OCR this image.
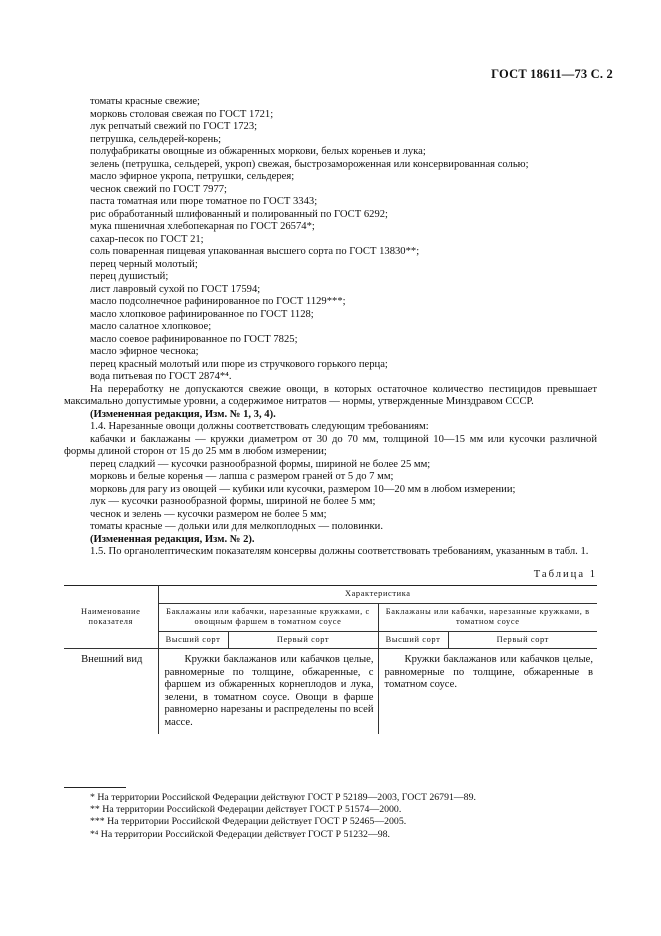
ГОСТ 18611—73 С. 2
томаты красные свежие;
морковь столовая свежая по ГОСТ 1721;
лук репчатый свежий по ГОСТ 1723;
петрушка, сельдерей-корень;
полуфабрикаты овощные из обжаренных моркови, белых кореньев и лука;
зелень (петрушка, сельдерей, укроп) свежая, быстрозамороженная или консервированная солью;
масло эфирное укропа, петрушки, сельдерея;
чеснок свежий по ГОСТ 7977;
паста томатная или пюре томатное по ГОСТ 3343;
рис обработанный шлифованный и полированный по ГОСТ 6292;
мука пшеничная хлебопекарная по ГОСТ 26574*;
сахар-песок по ГОСТ 21;
соль поваренная пищевая упакованная высшего сорта по ГОСТ 13830**;
перец черный молотый;
перец душистый;
лист лавровый сухой по ГОСТ 17594;
масло подсолнечное рафинированное по ГОСТ 1129***;
масло хлопковое рафинированное по ГОСТ 1128;
масло салатное хлопковое;
масло соевое рафинированное по ГОСТ 7825;
масло эфирное чеснока;
перец красный молотый или пюре из стручкового горького перца;
вода питьевая по ГОСТ 2874*⁴.
На переработку не допускаются свежие овощи, в которых остаточное количество пестицидов превышает максимально допустимые уровни, а содержимое нитратов — нормы, утвержденные Минздравом СССР.
(Измененная редакция, Изм. № 1, 3, 4).
1.4. Нарезанные овощи должны соответствовать следующим требованиям:
кабачки и баклажаны — кружки диаметром от 30 до 70 мм, толщиной 10—15 мм или кусочки различной формы длиной сторон от 15 до 25 мм в любом измерении;
перец сладкий — кусочки разнообразной формы, шириной не более 25 мм;
морковь и белые коренья — лапша с размером граней от 5 до 7 мм;
морковь для рагу из овощей — кубики или кусочки, размером 10—20 мм в любом измерении;
лук — кусочки разнообразной формы, шириной не более 5 мм;
чеснок и зелень — кусочки размером не более 5 мм;
томаты красные — дольки или для мелкоплодных — половинки.
(Измененная редакция, Изм. № 2).
1.5. По органолептическим показателям консервы должны соответствовать требованиям, указанным в табл. 1.
Таблица 1
Наименование показателя	Характеристика			
	Баклажаны или кабачки, нарезанные кружками, с овощным фаршем в томатном соусе		Баклажаны или кабачки, нарезанные кружками, в томатном соусе	
	Высший сорт	Первый сорт	Высший сорт	Первый сорт
Внешний вид	Кружки баклажанов или кабачков целые, равномерные по толщине, обжаренные, с фаршем из обжаренных корнеплодов и лука, зелени, в томатном соусе. Овощи в фарше равномерно нарезаны и распределены по всей массе.		Кружки баклажанов или кабачков целые, равномерные по толщине, обжаренные в томатном соусе.	
* На территории Российской Федерации действуют ГОСТ Р 52189—2003, ГОСТ 26791—89.
** На территории Российской Федерации действует ГОСТ Р 51574—2000.
*** На территории Российской Федерации действует ГОСТ Р 52465—2005.
*⁴ На территории Российской Федерации действует ГОСТ Р 51232—98.
